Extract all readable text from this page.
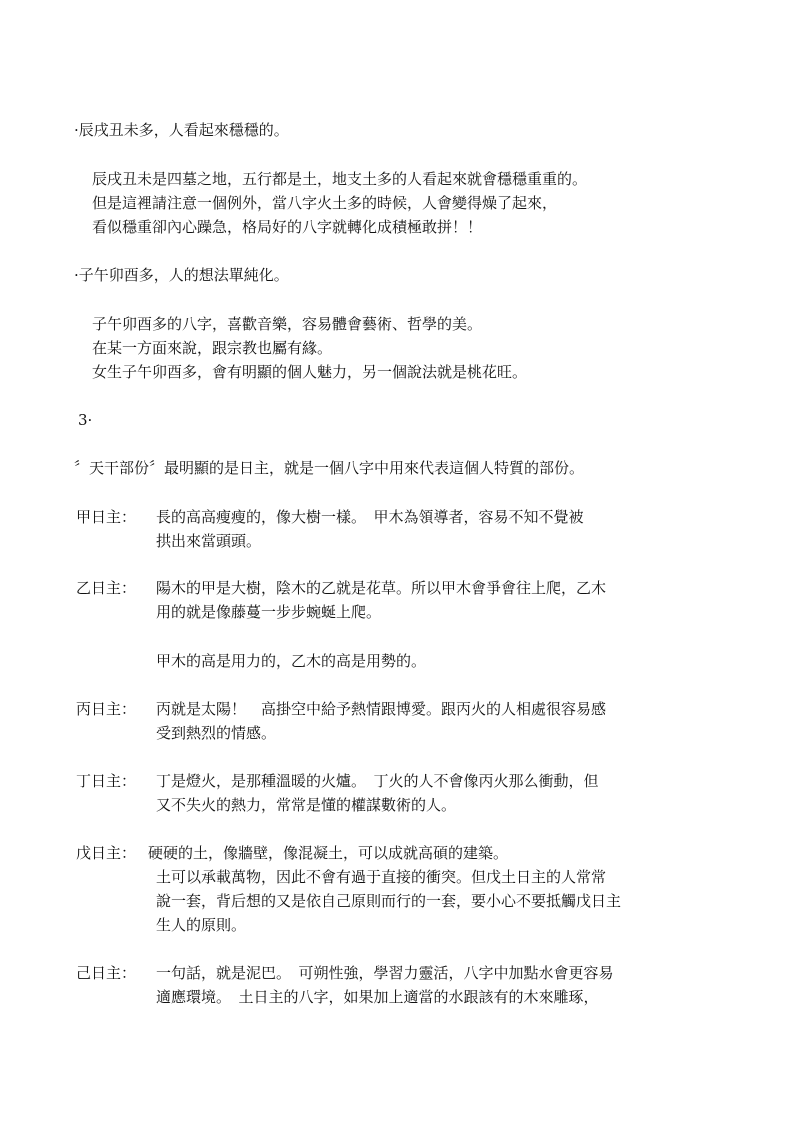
·辰戌丑未多，人看起來穩穩的。
辰戌丑未是四墓之地，五行都是土，地支土多的人看起來就會穩穩重重的。
但是這裡請注意一個例外，當八字火土多的時候，人會變得燥了起來，
看似穩重卻內心躁急，格局好的八字就轉化成積極敢拼！！
·子午卯酉多，人的想法單純化。
子午卯酉多的八字，喜歡音樂，容易體會藝術、哲學的美。
在某一方面來說，跟宗教也屬有緣。
女生子午卯酉多，會有明顯的個人魅力，另一個說法就是桃花旺。
3·
〞天干部份〞最明顯的是日主，就是一個八字中用來代表這個人特質的部份。
甲日主： 長的高高瘦瘦的，像大樹一樣。　甲木為領導者，容易不知不覺被
拱出來當頭頭。
乙日主： 陽木的甲是大樹，陰木的乙就是花草。所以甲木會爭會往上爬，乙木
用的就是像藤蔓一步步蜿蜒上爬。
甲木的高是用力的，乙木的高是用勢的。
丙日主： 丙就是太陽！　高掛空中給予熱情跟博愛。跟丙火的人相處很容易感
受到熱烈的情感。
丁日主： 丁是燈火，是那種溫暖的火爐。　丁火的人不會像丙火那么衝動，但
又不失火的熱力，常常是懂的權謀數術的人。
戊日主： 硬硬的土，像牆壁，像混凝土，可以成就高碩的建築。
土可以承載萬物，因此不會有過于直接的衝突。但戊土日主的人常常
說一套，背后想的又是依自己原則而行的一套，要小心不要抵觸戊日主
生人的原則。
己日主： 一句話，就是泥巴。　可朔性強，學習力靈活，八字中加點水會更容易
適應環境。　土日主的八字，如果加上適當的水跟該有的木來雕琢，
